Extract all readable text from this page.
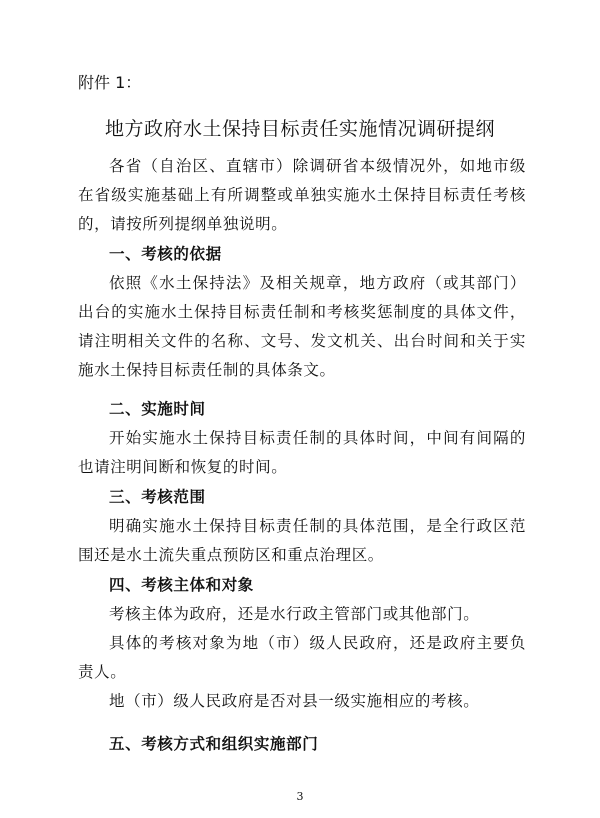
附件 1：
地方政府水土保持目标责任实施情况调研提纲

各省（自治区、直辖市）除调研省本级情况外，如地市级在省级实施基础上有所调整或单独实施水土保持目标责任考核的，请按所列提纲单独说明。

一、考核的依据

依照《水土保持法》及相关规章，地方政府（或其部门）出台的实施水土保持目标责任制和考核奖惩制度的具体文件，请注明相关文件的名称、文号、发文机关、出台时间和关于实施水土保持目标责任制的具体条文。

二、实施时间

开始实施水土保持目标责任制的具体时间，中间有间隔的也请注明间断和恢复的时间。

三、考核范围

明确实施水土保持目标责任制的具体范围，是全行政区范围还是水土流失重点预防区和重点治理区。

四、考核主体和对象

考核主体为政府，还是水行政主管部门或其他部门。

具体的考核对象为地（市）级人民政府，还是政府主要负责人。

地（市）级人民政府是否对县一级实施相应的考核。

五、考核方式和组织实施部门

3
